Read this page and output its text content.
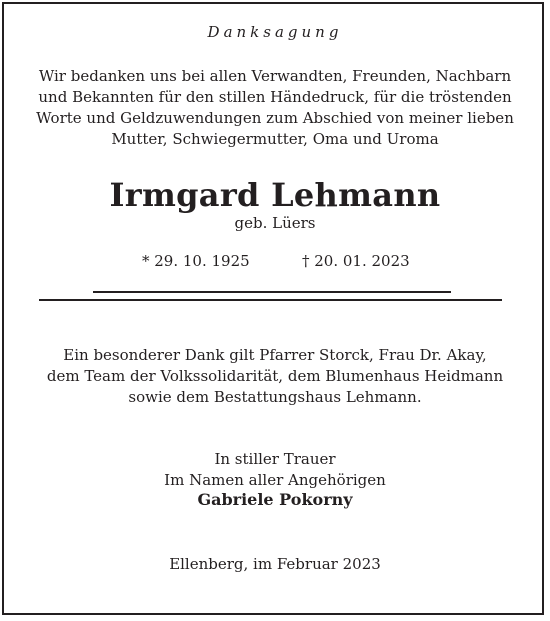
Danksagung
Wir bedanken uns bei allen Verwandten, Freunden, Nachbarn
und Bekannten für den stillen Händedruck, für die tröstenden
Worte und Geldzuwendungen zum Abschied von meiner lieben
Mutter, Schwiegermutter, Oma und Uroma
Irmgard Lehmann
geb. Lüers
* 29. 10. 1925	† 20. 01. 2023
Ein besonderer Dank gilt Pfarrer Storck, Frau Dr. Akay,
dem Team der Volkssolidarität, dem Blumenhaus Heidmann
sowie dem Bestattungshaus Lehmann.
In stiller Trauer
Im Namen aller Angehörigen
Gabriele Pokorny
Ellenberg, im Februar 2023
